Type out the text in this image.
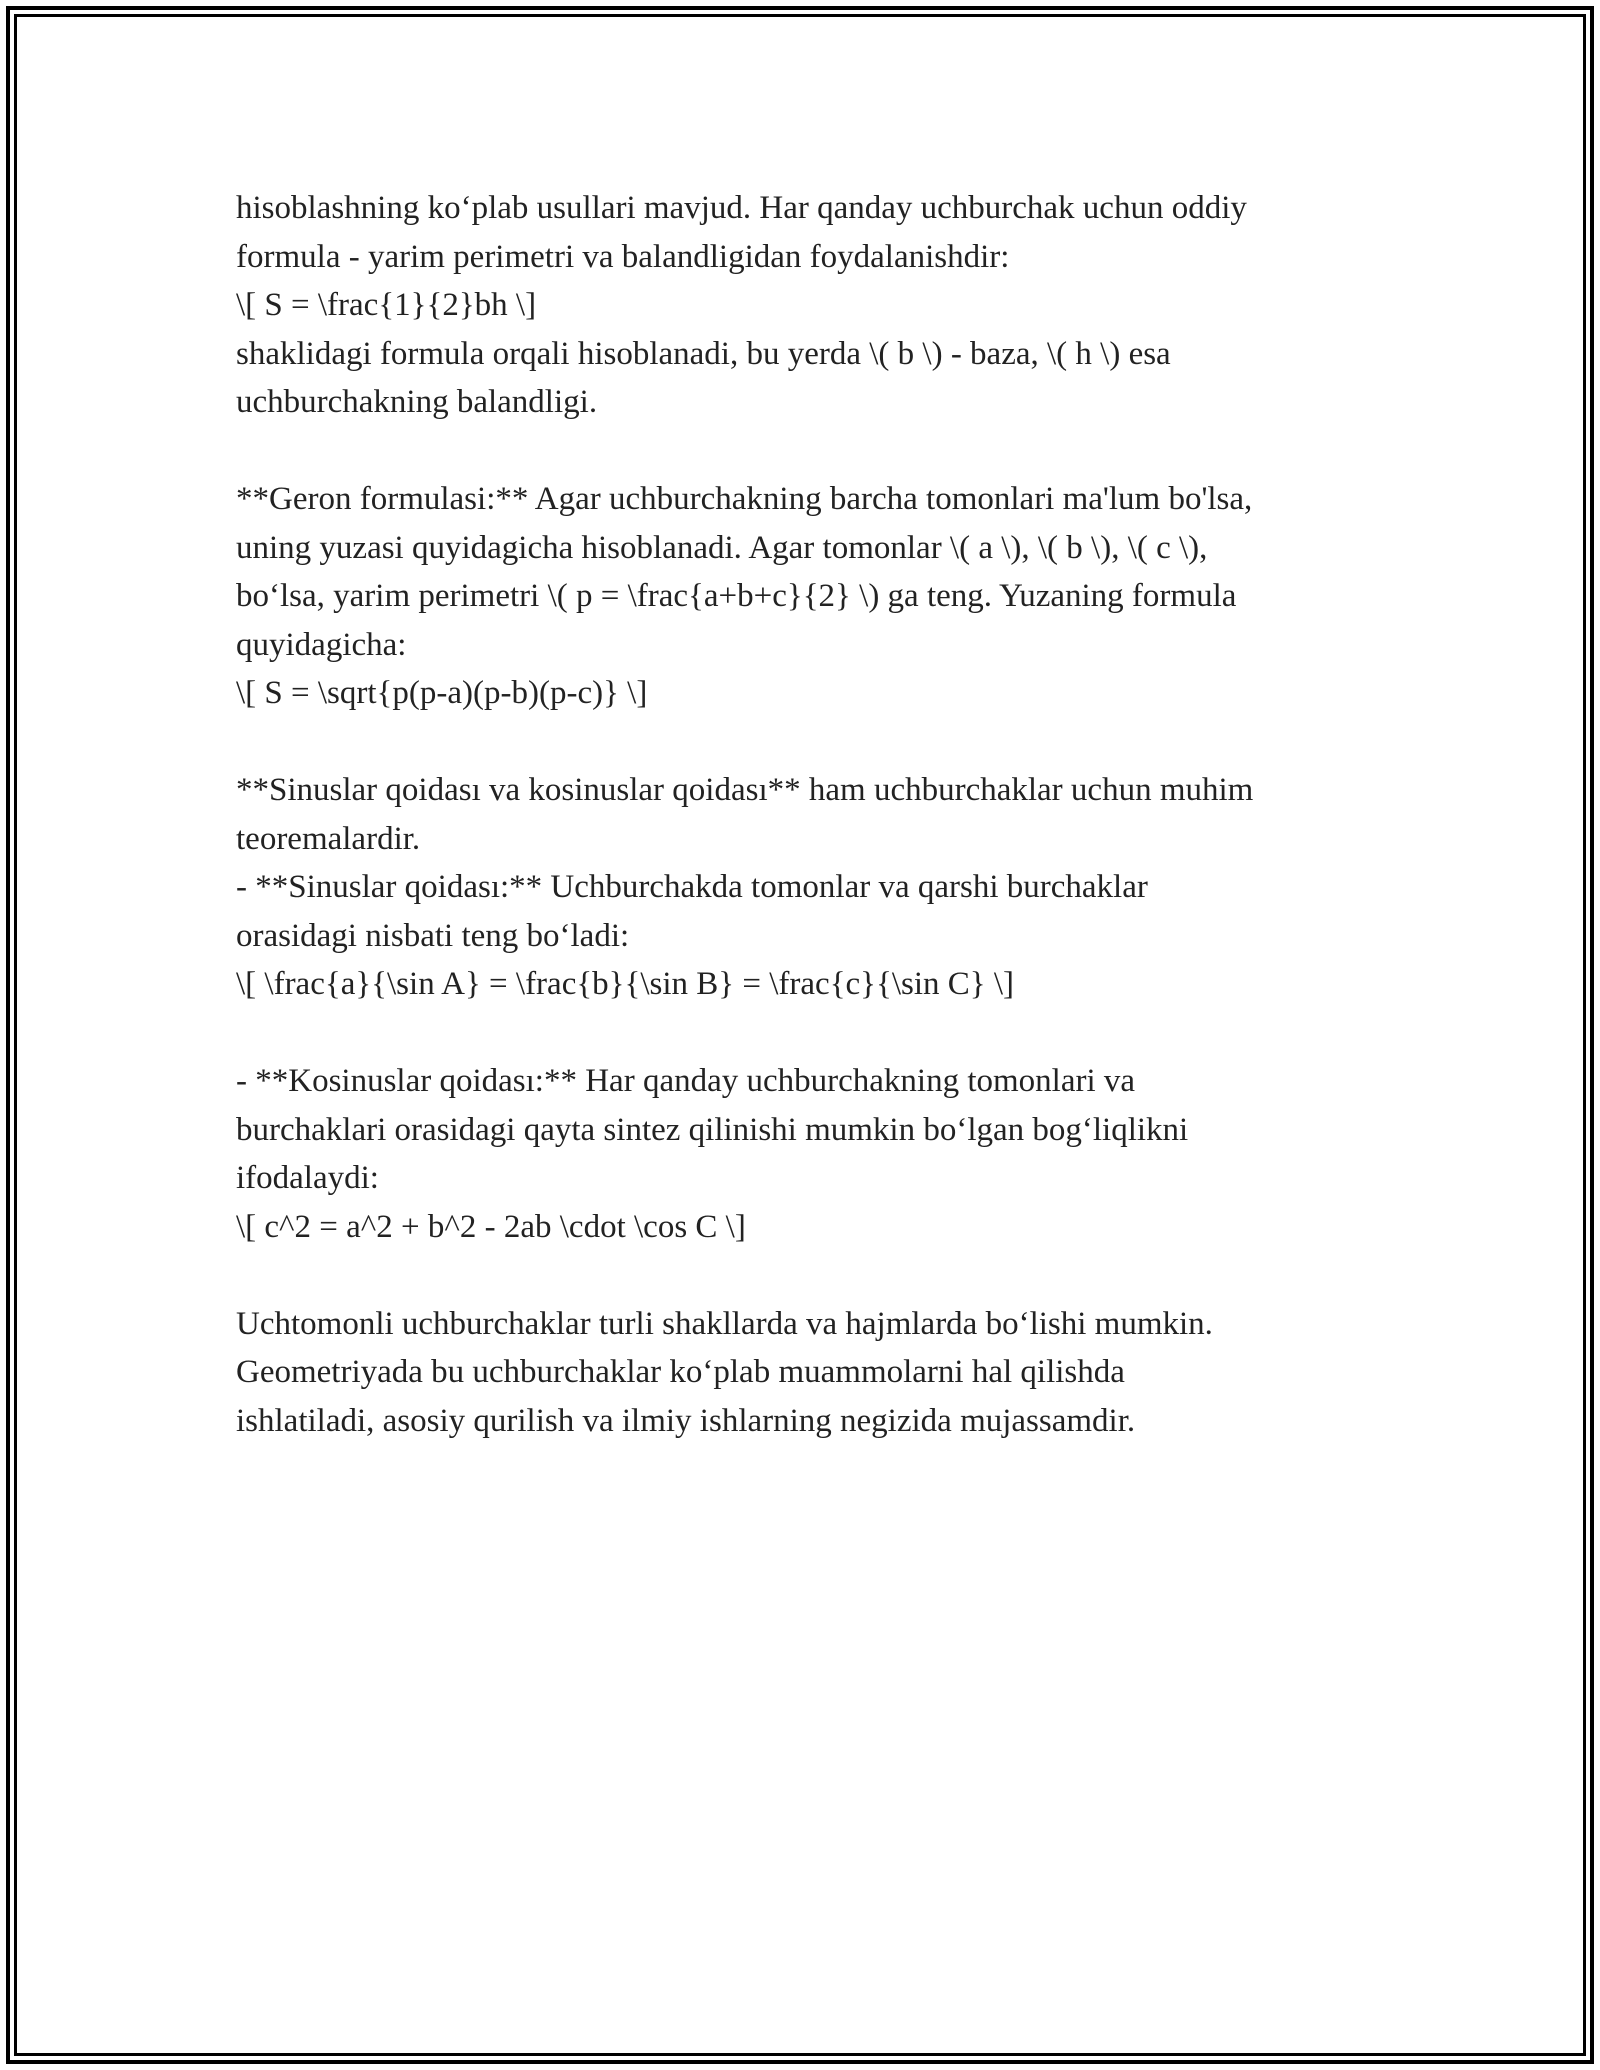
hisoblashning ko‘plab usullari mavjud. Har qanday uchburchak uchun oddiy
formula - yarim perimetri va balandligidan foydalanishdir:
\[ S = \frac{1}{2}bh \]
shaklidagi formula orqali hisoblanadi, bu yerda \( b \) - baza, \( h \) esa
uchburchakning balandligi.

**Geron formulasi:** Agar uchburchakning barcha tomonlari ma'lum bo'lsa,
uning yuzasi quyidagicha hisoblanadi. Agar tomonlar \( a \), \( b \), \( c \),
bo‘lsa, yarim perimetri \( p = \frac{a+b+c}{2} \) ga teng. Yuzaning formula
quyidagicha:
\[ S = \sqrt{p(p-a)(p-b)(p-c)} \]

**Sinuslar qoidası va kosinuslar qoidası** ham uchburchaklar uchun muhim
teoremalardir.
- **Sinuslar qoidası:** Uchburchakda tomonlar va qarshi burchaklar
orasidagi nisbati teng bo‘ladi:
\[ \frac{a}{\sin A} = \frac{b}{\sin B} = \frac{c}{\sin C} \]

- **Kosinuslar qoidası:** Har qanday uchburchakning tomonlari va
burchaklari orasidagi qayta sintez qilinishi mumkin bo‘lgan bog‘liqlikni
ifodalaydi:
\[ c^2 = a^2 + b^2 - 2ab \cdot \cos C \]

Uchtomonli uchburchaklar turli shakllarda va hajmlarda bo‘lishi mumkin.
Geometriyada bu uchburchaklar ko‘plab muammolarni hal qilishda
ishlatiladi, asosiy qurilish va ilmiy ishlarning negizida mujassamdir.
